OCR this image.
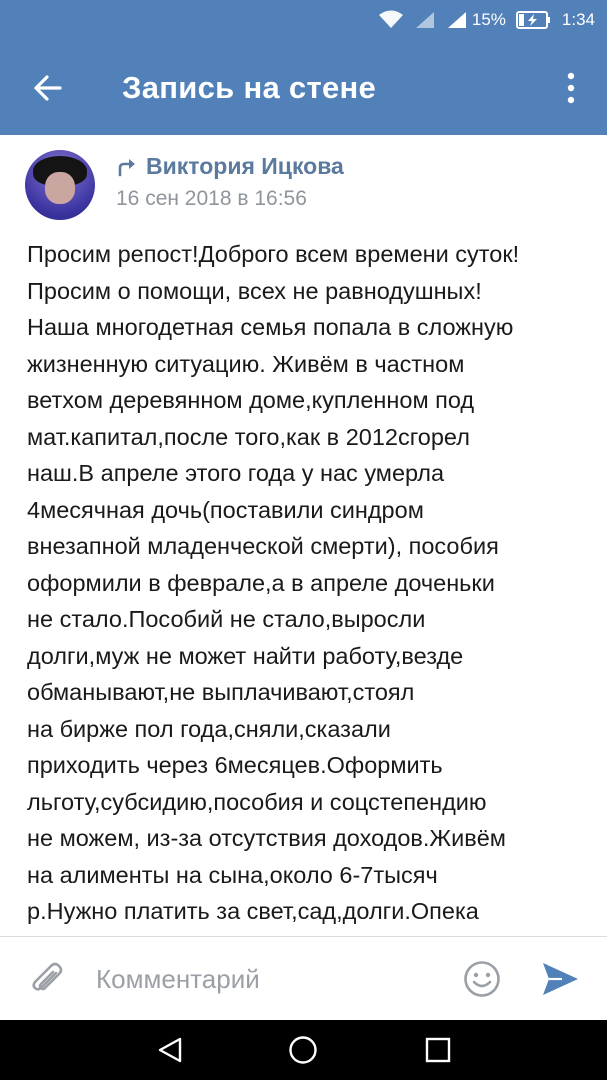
15%	1:34
Запись на стене
Виктория Ицкова
16 сен 2018 в 16:56
Просим репост!Доброго всем времени суток!
Просим о помощи, всех не равнодушных!
Наша многодетная семья попала в сложную
жизненную ситуацию. Живём в частном
ветхом деревянном доме,купленном под
мат.капитал,после того,как в 2012сгорел
наш.В апреле этого года у нас умерла
4месячная дочь(поставили синдром
внезапной младенческой смерти), пособия
оформили в феврале,а в апреле доченьки
не стало.Пособий не стало,выросли
долги,муж не может найти работу,везде
обманывают,не выплачивают,стоял
на бирже пол года,сняли,сказали
приходить через 6месяцев.Оформить
льготу,субсидию,пособия и соцстепендию
не можем, из-за отсутствия доходов.Живём
на алименты на сына,около 6-7тысяч
р.Нужно платить за свет,сад,долги.Опека
Комментарий
